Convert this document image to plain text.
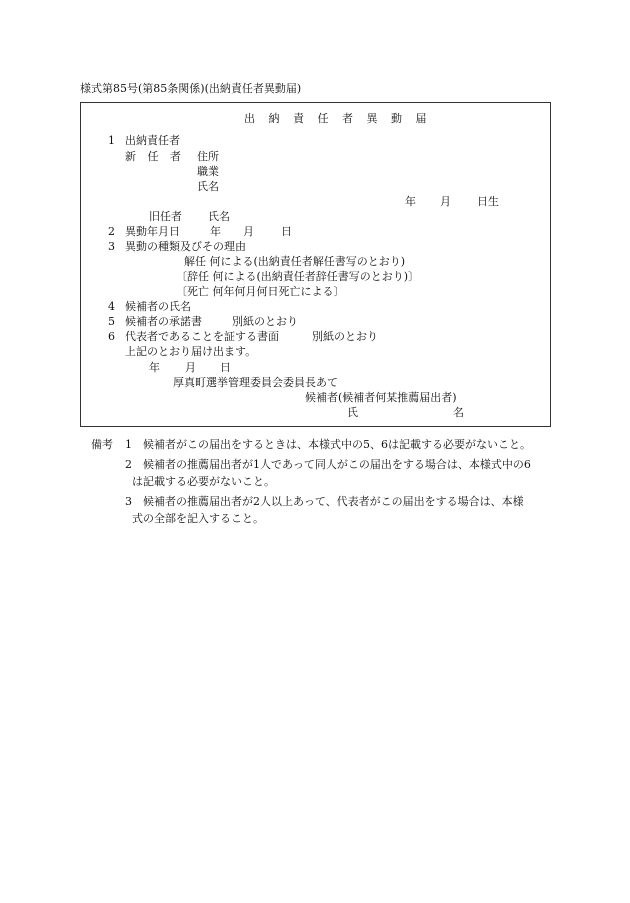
様式第85号(第85条関係)(出納責任者異動届)
出 納 責 任 者 異 動 届
1 出納責任者
新 任 者 住所
職業
氏名
年 月 日生
旧任者 氏名
2 異動年月日	年 月 日
3 異動の種類及びその理由
解任 何による(出納責任者解任書写のとおり)
〔辞任 何による(出納責任者辞任書写のとおり)〕
〔死亡 何年何月何日死亡による〕
4 候補者の氏名
5 候補者の承諾書	別紙のとおり
6 代表者であることを証する書面	別紙のとおり
上記のとおり届け出ます。
年 月 日
厚真町選挙管理委員会委員長あて
候補者(候補者何某推薦届出者)
氏	名
備考 1 候補者がこの届出をするときは、本様式中の5、6は記載する必要がないこと。
2 候補者の推薦届出者が1人であって同人がこの届出をする場合は、本様式中の6
は記載する必要がないこと。
3 候補者の推薦届出者が2人以上あって、代表者がこの届出をする場合は、本様
式の全部を記入すること。
